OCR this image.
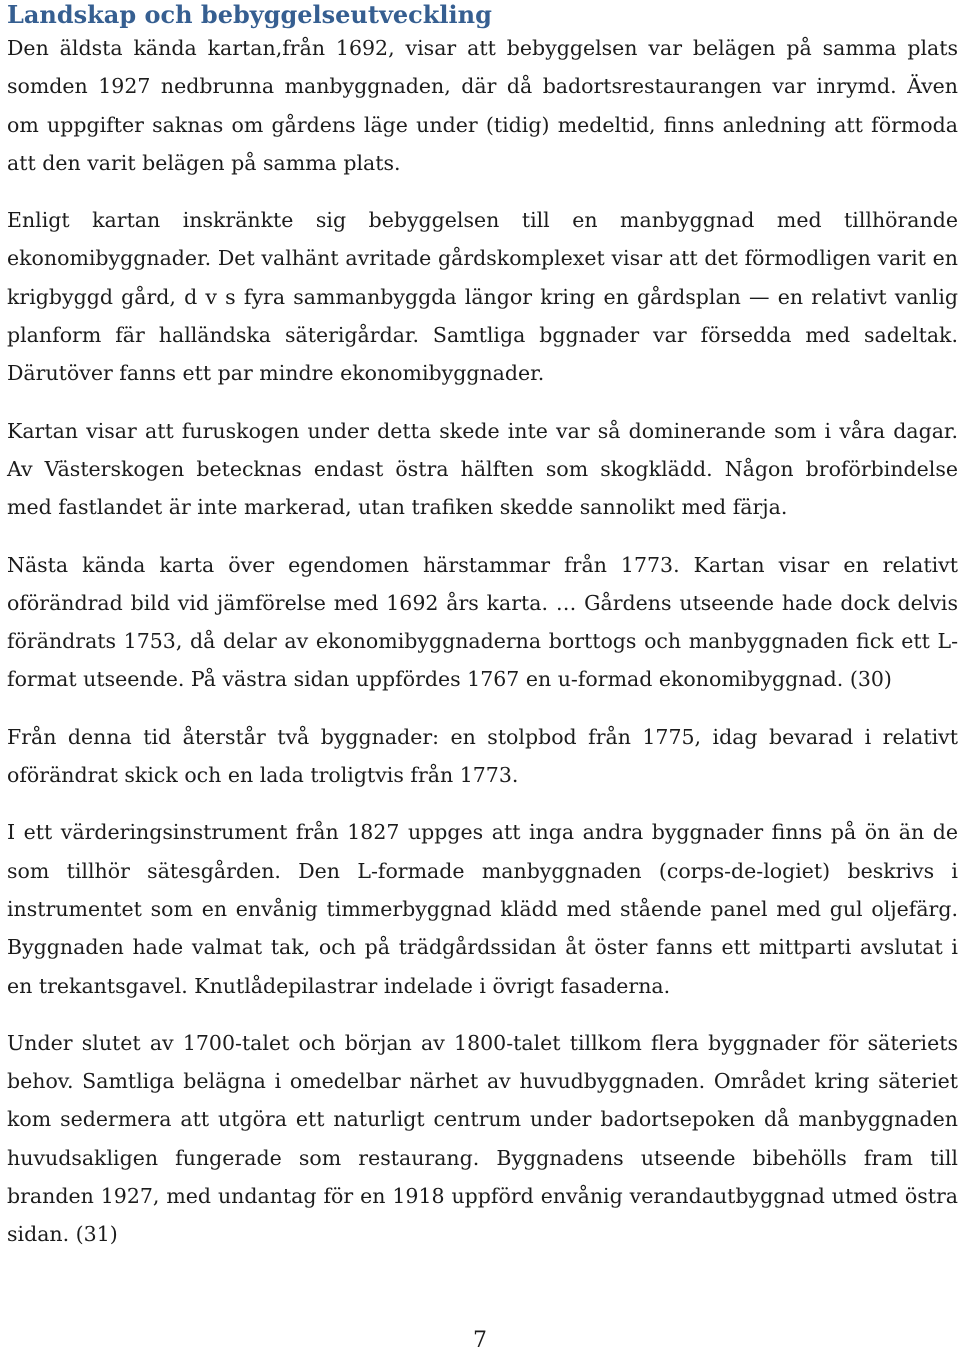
Landskap och bebyggelseutveckling

Den äldsta kända kartan,från 1692, visar att bebyggelsen var belägen på samma plats somden 1927 nedbrunna manbyggnaden, där då badortsrestaurangen var inrymd. Även om uppgifter saknas om gårdens läge under (tidig) medeltid, finns anledning att förmoda att den varit belägen på samma plats.

Enligt kartan inskränkte sig bebyggelsen till en manbyggnad med tillhörande ekonomibyggnader. Det valhänt avritade gårdskomplexet visar att det förmodligen varit en krigbyggd gård, d v s fyra sammanbyggda längor kring en gårdsplan — en relativt vanlig planform fär halländska säterigårdar. Samtliga bggnader var försedda med sadeltak. Därutöver fanns ett par mindre ekonomibyggnader.

Kartan visar att furuskogen under detta skede inte var så dominerande som i våra dagar. Av Västerskogen betecknas endast östra hälften som skogklädd. Någon broförbindelse med fastlandet är inte markerad, utan trafiken skedde sannolikt med färja.

Nästa kända karta över egendomen härstammar från 1773. Kartan visar en relativt oförändrad bild vid jämförelse med 1692 års karta. … Gårdens utseende hade dock delvis förändrats 1753, då delar av ekonomibyggnaderna borttogs och manbyggnaden fick ett L-format utseende. På västra sidan uppfördes 1767 en u-formad ekonomibyggnad. (30)

Från denna tid återstår två byggnader: en stolpbod från 1775, idag bevarad i relativt oförändrat skick och en lada troligtvis från 1773.

I ett värderingsinstrument från 1827 uppges att inga andra byggnader finns på ön än de som tillhör sätesgården. Den L-formade manbyggnaden (corps-de-logiet) beskrivs i instrumentet som en envånig timmerbyggnad klädd med stående panel med gul oljefärg. Byggnaden hade valmat tak, och på trädgårdssidan åt öster fanns ett mittparti avslutat i en trekantsgavel. Knutlådepilastrar indelade i övrigt fasaderna.

Under slutet av 1700-talet och början av 1800-talet tillkom flera byggnader för säteriets behov. Samtliga belägna i omedelbar närhet av huvudbyggnaden. Området kring säteriet kom sedermera att utgöra ett naturligt centrum under badortsepoken då manbyggnaden huvudsakligen fungerade som restaurang. Byggnadens utseende bibehölls fram till branden 1927, med undantag för en 1918 uppförd envånig verandautbyggnad utmed östra sidan. (31)

7
